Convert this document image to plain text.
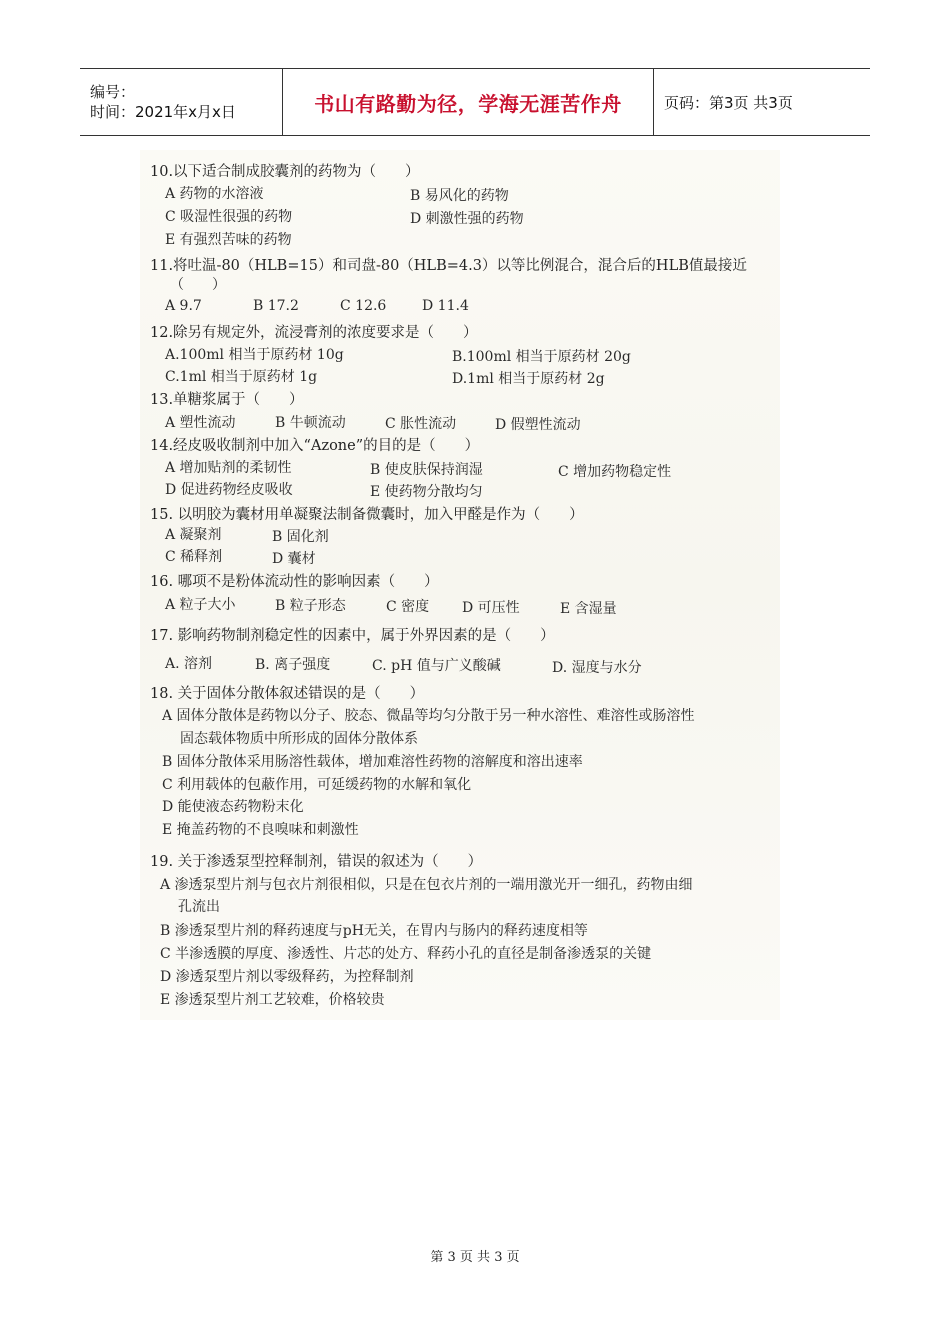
编号：
时间：2021年x月x日	书山有路勤为径，学海无涯苦作舟	页码：第3页 共3页
10.以下适合制成胶囊剂的药物为（　　）
A 药物的水溶液	B 易风化的药物
C 吸湿性很强的药物	D 刺激性强的药物
E 有强烈苦味的药物
11.将吐温-80（HLB=15）和司盘-80（HLB=4.3）以等比例混合，混合后的HLB值最接近
（　　）
A 9.7	B 17.2	C 12.6	D 11.4
12.除另有规定外，流浸膏剂的浓度要求是（　　）
A.100ml 相当于原药材 10g	B.100ml 相当于原药材 20g
C.1ml 相当于原药材 1g	D.1ml 相当于原药材 2g
13.单糖浆属于（　　）
A 塑性流动	B 牛顿流动	C 胀性流动	D 假塑性流动
14.经皮吸收制剂中加入“Azone”的目的是（　　）
A 增加贴剂的柔韧性	B 使皮肤保持润湿	C 增加药物稳定性
D 促进药物经皮吸收	E 使药物分散均匀
15. 以明胶为囊材用单凝聚法制备微囊时，加入甲醛是作为（　　）
A 凝聚剂	B 固化剂
C 稀释剂	D 囊材
16. 哪项不是粉体流动性的影响因素（　　）
A 粒子大小	B 粒子形态	C 密度 D 可压性	E 含湿量
17. 影响药物制剂稳定性的因素中，属于外界因素的是（　　）
A. 溶剂	B. 离子强度	C. pH 值与广义酸碱	D. 湿度与水分
18. 关于固体分散体叙述错误的是（　　）
A 固体分散体是药物以分子、胶态、微晶等均匀分散于另一种水溶性、难溶性或肠溶性
固态载体物质中所形成的固体分散体系
B 固体分散体采用肠溶性载体，增加难溶性药物的溶解度和溶出速率
C 利用载体的包蔽作用，可延缓药物的水解和氧化
D 能使液态药物粉末化
E 掩盖药物的不良嗅味和刺激性
19. 关于渗透泵型控释制剂，错误的叙述为（　　）
A 渗透泵型片剂与包衣片剂很相似，只是在包衣片剂的一端用激光开一细孔，药物由细
孔流出
B 渗透泵型片剂的释药速度与pH无关，在胃内与肠内的释药速度相等
C 半渗透膜的厚度、渗透性、片芯的处方、释药小孔的直径是制备渗透泵的关键
D 渗透泵型片剂以零级释药，为控释制剂
E 渗透泵型片剂工艺较难，价格较贵
第 3 页 共 3 页
